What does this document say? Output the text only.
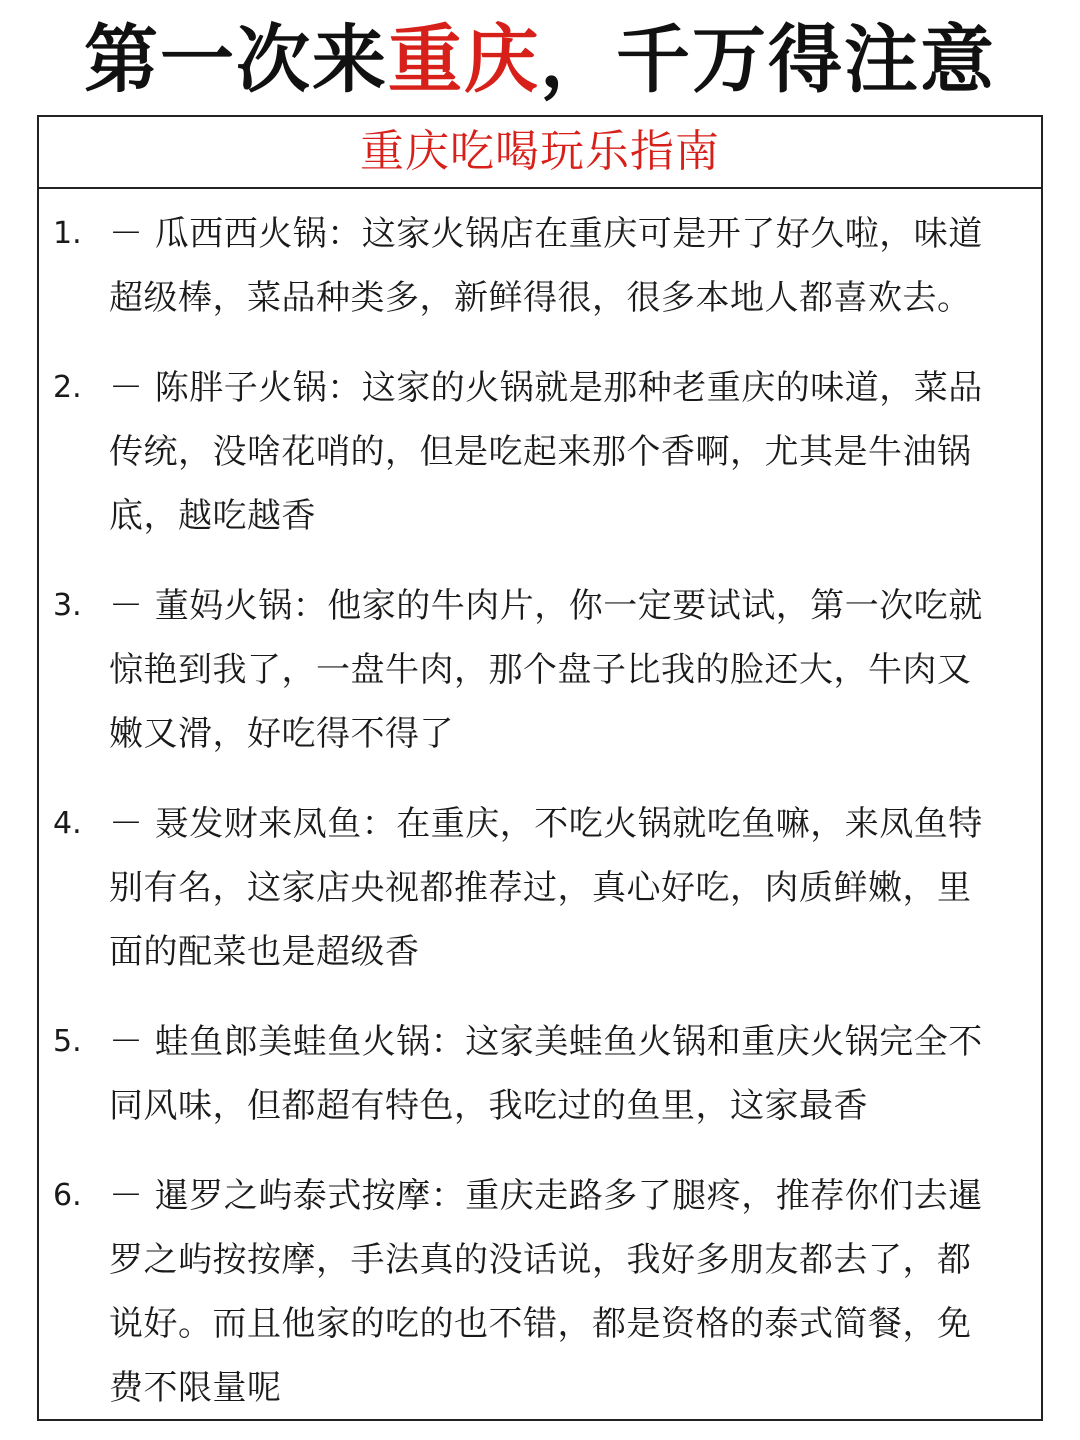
第一次来重庆，千万得注意
重庆吃喝玩乐指南
1. － 瓜西西火锅：这家火锅店在重庆可是开了好久啦，味道
超级棒，菜品种类多，新鲜得很，很多本地人都喜欢去。
2. － 陈胖子火锅：这家的火锅就是那种老重庆的味道，菜品
传统，没啥花哨的，但是吃起来那个香啊，尤其是牛油锅
底，越吃越香
3. － 董妈火锅：他家的牛肉片，你一定要试试，第一次吃就
惊艳到我了，一盘牛肉，那个盘子比我的脸还大，牛肉又
嫩又滑，好吃得不得了
4. － 聂发财来凤鱼：在重庆，不吃火锅就吃鱼嘛，来凤鱼特
别有名，这家店央视都推荐过，真心好吃，肉质鲜嫩，里
面的配菜也是超级香
5. － 蛙鱼郎美蛙鱼火锅：这家美蛙鱼火锅和重庆火锅完全不
同风味，但都超有特色，我吃过的鱼里，这家最香
6. － 暹罗之屿泰式按摩：重庆走路多了腿疼，推荐你们去暹
罗之屿按按摩，手法真的没话说，我好多朋友都去了，都
说好。而且他家的吃的也不错，都是资格的泰式简餐，免
费不限量呢
